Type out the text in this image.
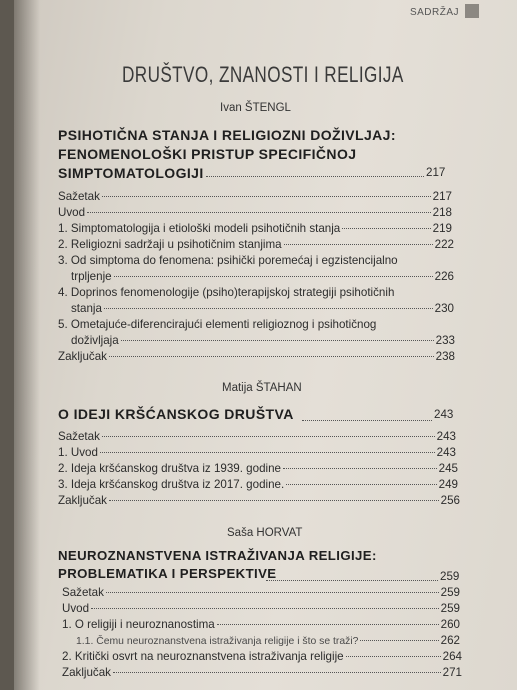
SADRŽAJ
DRUŠTVO, ZNANOSTI I RELIGIJA
Ivan ŠTENGL
PSIHOTIČNA STANJA I RELIGIOZNI DOŽIVLJAJ:
FENOMENOLOŠKI PRISTUP SPECIFIČNOJ
SIMPTOMATOLOGIJI	217
Sažetak	217
Uvod	218
1. Simptomatologija i etiološki modeli psihotičnih stanja	219
2. Religiozni sadržaji u psihotičnim stanjima	222
3. Od simptoma do fenomena: psihički poremećaj i egzistencijalno
trpljenje	226
4. Doprinos fenomenologije (psiho)terapijskoj strategiji psihotičnih
stanja	230
5. Ometajuće-diferencirajući elementi religioznog i psihotičnog
doživljaja	233
Zaključak	238
Matija ŠTAHAN
O IDEJI KRŠĆANSKOG DRUŠTVA	243
Sažetak	243
1. Uvod	243
2. Ideja kršćanskog društva iz 1939. godine	245
3. Ideja kršćanskog društva iz 2017. godine.	249
Zaključak	256
Saša HORVAT
NEUROZNANSTVENA ISTRAŽIVANJA RELIGIJE:
PROBLEMATIKA I PERSPEKTIVE	259
Sažetak	259
Uvod	259
1. O religiji i neuroznanostima	260
1.1. Čemu neuroznanstvena istraživanja religije i što se traži?	262
2. Kritički osvrt na neuroznanstvena istraživanja religije	264
Zaključak	271
